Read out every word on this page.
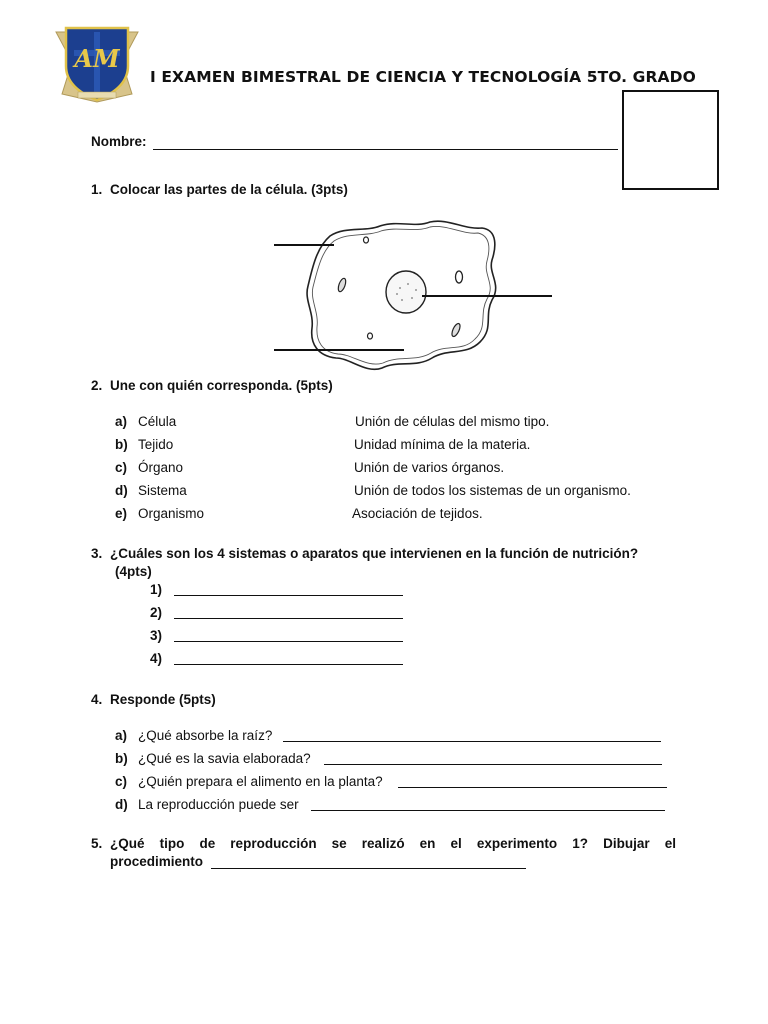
AM
I EXAMEN BIMESTRAL DE CIENCIA Y TECNOLOGÍA 5TO. GRADO
Nombre:
1. Colocar las partes de la célula. (3pts)
2. Une con quién corresponda. (5pts)
a) Célula
b) Tejido
c) Órgano
d) Sistema
e) Organismo
Unión de células del mismo tipo.
Unidad mínima de la materia.
Unión de varios órganos.
Unión de todos los sistemas de un organismo.
Asociación de tejidos.
3. ¿Cuáles son los 4 sistemas o aparatos que intervienen en la función de nutrición?
(4pts)
1)
2)
3)
4)
4. Responde (5pts)
a) ¿Qué absorbe la raíz?
b) ¿Qué es la savia elaborada?
c) ¿Quién prepara el alimento en la planta?
d) La reproducción puede ser
5. ¿Qué tipo de reproducción se realizó en el experimento 1? Dibujar el
procedimiento
